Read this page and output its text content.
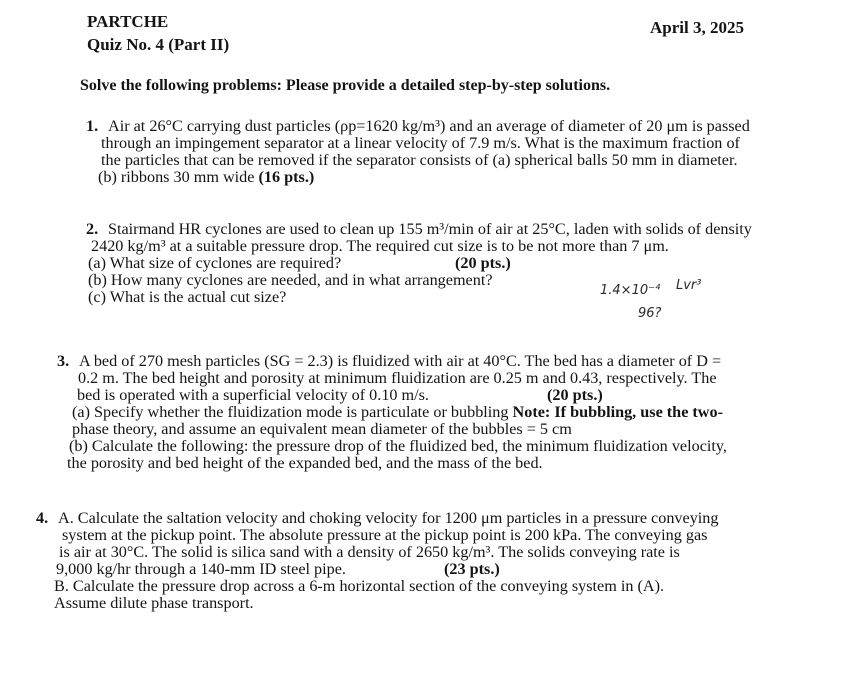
PARTCHE
Quiz No. 4 (Part II)
April 3, 2025
Solve the following problems: Please provide a detailed step-by-step solutions.
1. Air at 26°C carrying dust particles (ρp=1620 kg/m³) and an average of diameter of 20 μm is passed
through an impingement separator at a linear velocity of 7.9 m/s. What is the maximum fraction of
the particles that can be removed if the separator consists of (a) spherical balls 50 mm in diameter.
(b) ribbons 30 mm wide (16 pts.)
2. Stairmand HR cyclones are used to clean up 155 m³/min of air at 25°C, laden with solids of density
2420 kg/m³ at a suitable pressure drop. The required cut size is to be not more than 7 μm.
(a) What size of cyclones are required?	(20 pts.)
(b) How many cyclones are needed, and in what arrangement?
(c) What is the actual cut size?	1.4×10⁻⁴ Lvr³
96?
3. A bed of 270 mesh particles (SG = 2.3) is fluidized with air at 40°C. The bed has a diameter of D =
0.2 m. The bed height and porosity at minimum fluidization are 0.25 m and 0.43, respectively. The
bed is operated with a superficial velocity of 0.10 m/s.	(20 pts.)
(a) Specify whether the fluidization mode is particulate or bubbling Note: If bubbling, use the two-
phase theory, and assume an equivalent mean diameter of the bubbles = 5 cm
(b) Calculate the following: the pressure drop of the fluidized bed, the minimum fluidization velocity,
the porosity and bed height of the expanded bed, and the mass of the bed.
4. A. Calculate the saltation velocity and choking velocity for 1200 μm particles in a pressure conveying
system at the pickup point. The absolute pressure at the pickup point is 200 kPa. The conveying gas
is air at 30°C. The solid is silica sand with a density of 2650 kg/m³. The solids conveying rate is
9,000 kg/hr through a 140-mm ID steel pipe.	(23 pts.)
B. Calculate the pressure drop across a 6-m horizontal section of the conveying system in (A).
Assume dilute phase transport.
